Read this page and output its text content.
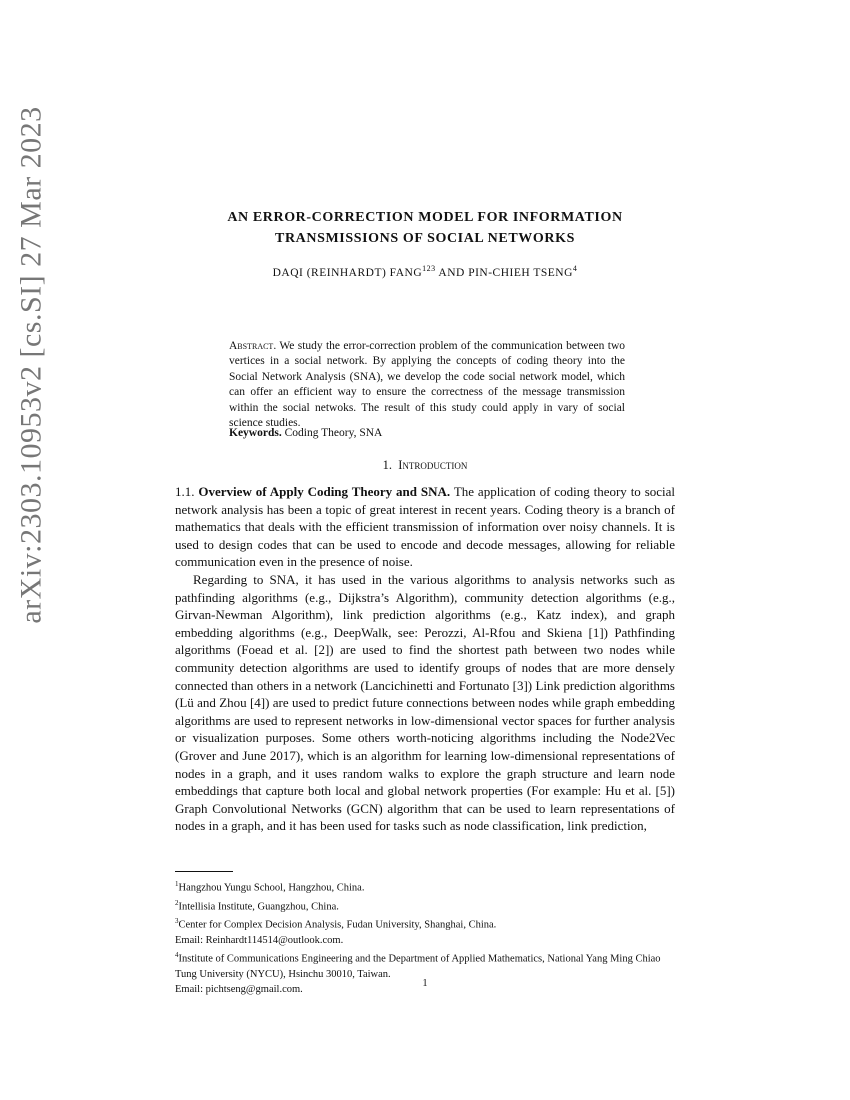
arXiv:2303.10953v2 [cs.SI] 27 Mar 2023	AN ERROR-CORRECTION MODEL FOR INFORMATION
TRANSMISSIONS OF SOCIAL NETWORKS
DAQI (REINHARDT) FANG$^{123}$ AND PIN-CHIEH TSENG$^4$
Abstract. We study the error-correction problem of the communication between two vertices in a social network. By applying the concepts of coding theory into the Social Network Analysis (SNA), we develop the code social network model, which can offer an efficient way to ensure the correctness of the message transmission within the social netwoks. The result of this study could apply in vary of social science studies.
Keywords. Coding Theory, SNA
1. Introduction

1.1. Overview of Apply Coding Theory and SNA. The application of coding theory to social network analysis has been a topic of great interest in recent years. Coding theory is a branch of mathematics that deals with the efficient transmission of information over noisy channels. It is used to design codes that can be used to encode and decode messages, allowing for reliable communication even in the presence of noise.

Regarding to SNA, it has used in the various algorithms to analysis networks such as pathfinding algorithms (e.g., Dijkstra’s Algorithm), community detection algorithms (e.g., Girvan-Newman Algorithm), link prediction algorithms (e.g., Katz index), and graph embedding algorithms (e.g., DeepWalk, see: Perozzi, Al-Rfou and Skiena [1]) Pathfinding algorithms (Foead et al. [2]) are used to find the shortest path between two nodes while community detection algorithms are used to identify groups of nodes that are more densely connected than others in a network (Lancichinetti and Fortunato [3]) Link prediction algorithms (Lü and Zhou [4]) are used to predict future connections between nodes while graph embedding algorithms are used to represent networks in low-dimensional vector spaces for further analysis or visualization purposes. Some others worth-noticing algorithms including the Node2Vec (Grover and June 2017), which is an algorithm for learning low-dimensional representations of nodes in a graph, and it uses random walks to explore the graph structure and learn node embeddings that capture both local and global network properties (For example: Hu et al. [5]) Graph Convolutional Networks (GCN) algorithm that can be used to learn representations of nodes in a graph, and it has been used for tasks such as node classification, link prediction,

$^1$Hangzhou Yungu School, Hangzhou, China.
$^2$Intellisia Institute, Guangzhou, China.
$^3$Center for Complex Decision Analysis, Fudan University, Shanghai, China.
Email: Reinhardt114514@outlook.com.
$^4$Institute of Communications Engineering and the Department of Applied Mathematics, National Yang Ming Chiao Tung University (NYCU), Hsinchu 30010, Taiwan.
Email: pichtseng@gmail.com.
1
